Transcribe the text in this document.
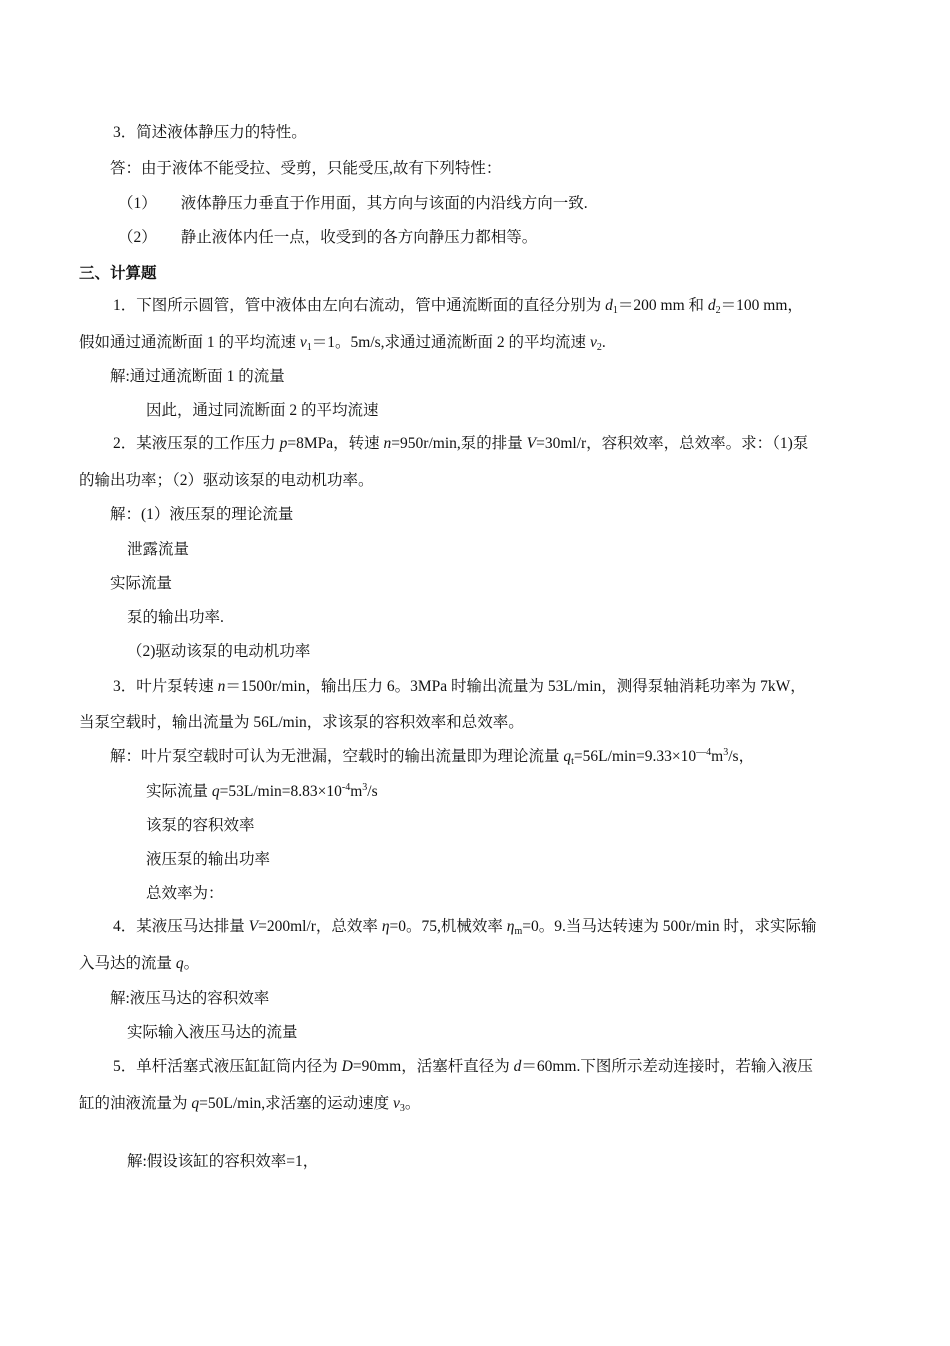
3．简述液体静压力的特性。
答：由于液体不能受拉、受剪，只能受压,故有下列特性：
（1） 液体静压力垂直于作用面，其方向与该面的内沿线方向一致.
（2） 静止液体内任一点，收受到的各方向静压力都相等。
三、计算题
1．下图所示圆管，管中液体由左向右流动，管中通流断面的直径分别为 $d_1=200$ mm 和 $d_2=100$ mm，
假如通过通流断面 1 的平均流速 $v_1=1$。5m/s,求通过通流断面 2 的平均流速 $v_2$.
解:通过通流断面 1 的流量
因此，通过同流断面 2 的平均流速
2．某液压泵的工作压力 p=8MPa，转速 n=950r/min,泵的排量 V=30ml/r，容积效率，总效率。求：（1)泵
的输出功率；（2）驱动该泵的电动机功率。
解：(1）液压泵的理论流量
泄露流量
实际流量
泵的输出功率.
（2)驱动该泵的电动机功率
3．叶片泵转速 n＝1500r/min，输出压力 6。3MPa 时输出流量为 53L/min，测得泵轴消耗功率为 7kW，
当泵空载时，输出流量为 56L/min，求该泵的容积效率和总效率。
解：叶片泵空载时可认为无泄漏，空载时的输出流量即为理论流量 $q_t=56L/\min=9.33\times 10^{—4}m^3/s$，
实际流量 $q=53L/\min=8.83\times 10^{-4}m^3/s$
该泵的容积效率
液压泵的输出功率
总效率为：
4．某液压马达排量 V=200ml/r，总效率 η=0。75,机械效率 $\eta_m=0$。9.当马达转速为 500r/min 时，求实际输
入马达的流量 q。
解:液压马达的容积效率
实际输入液压马达的流量
5．单杆活塞式液压缸缸筒内径为 D=90mm，活塞杆直径为 d＝60mm.下图所示差动连接时，若输入液压
缸的油液流量为 q=50L/min,求活塞的运动速度 $v_3$。
解:假设该缸的容积效率=1，
